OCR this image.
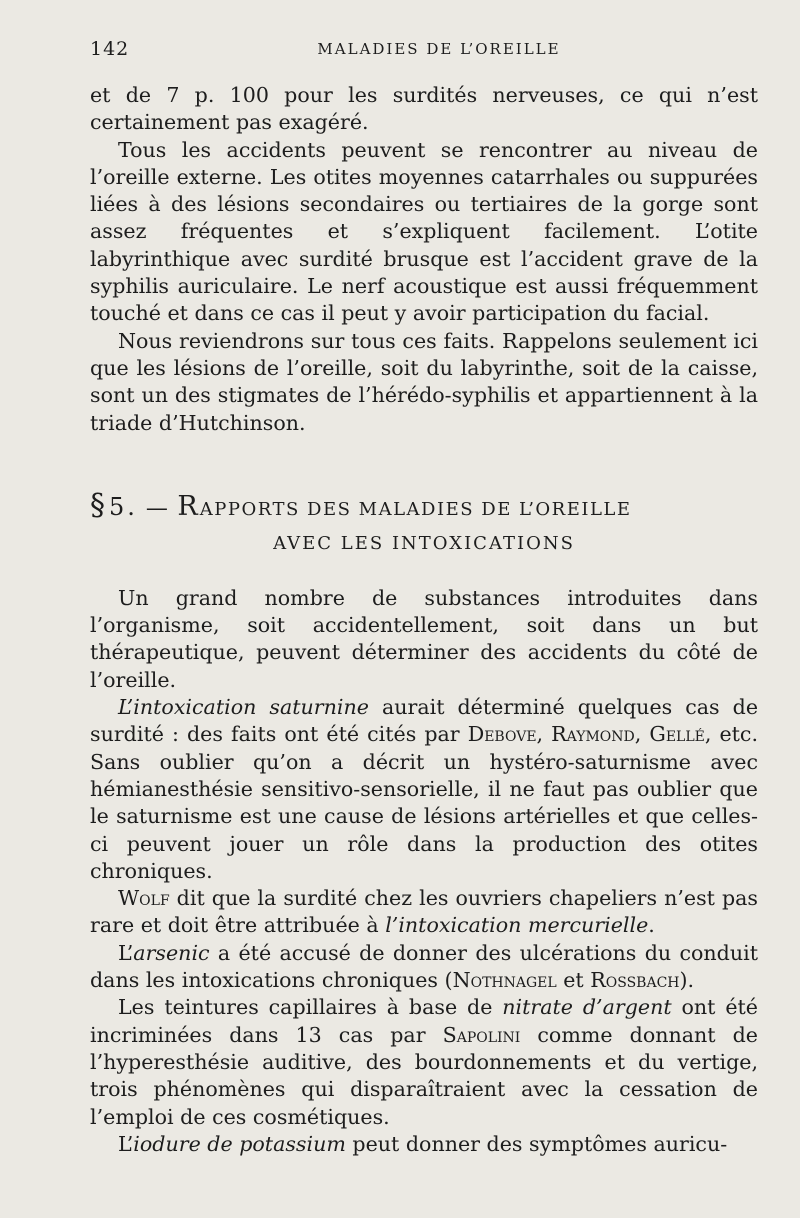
142	MALADIES DE L’OREILLE

et de 7 p. 100 pour les surdités nerveuses, ce qui n’est certainement pas exagéré.

Tous les accidents peuvent se rencontrer au niveau de l’oreille externe. Les otites moyennes catarrhales ou suppurées liées à des lésions secondaires ou tertiaires de la gorge sont assez fréquentes et s’expliquent facilement. L’otite labyrinthique avec surdité brusque est l’accident grave de la syphilis auriculaire. Le nerf acoustique est aussi fréquemment touché et dans ce cas il peut y avoir participation du facial.

Nous reviendrons sur tous ces faits. Rappelons seulement ici que les lésions de l’oreille, soit du labyrinthe, soit de la caisse, sont un des stigmates de l’hérédo-syphilis et appartiennent à la triade d’Hutchinson.

§5. — RAPPORTS DES MALADIES DE L’OREILLE
AVEC LES INTOXICATIONS

Un grand nombre de substances introduites dans l’organisme, soit accidentellement, soit dans un but thérapeutique, peuvent déterminer des accidents du côté de l’oreille.

L’intoxication saturnine aurait déterminé quelques cas de surdité : des faits ont été cités par Debove, Raymond, Gellé, etc. Sans oublier qu’on a décrit un hystéro-saturnisme avec hémianesthésie sensitivo-sensorielle, il ne faut pas oublier que le saturnisme est une cause de lésions artérielles et que celles-ci peuvent jouer un rôle dans la production des otites chroniques.

Wolf dit que la surdité chez les ouvriers chapeliers n’est pas rare et doit être attribuée à l’intoxication mercurielle.

L’arsenic a été accusé de donner des ulcérations du conduit dans les intoxications chroniques (Nothnagel et Rossbach).

Les teintures capillaires à base de nitrate d’argent ont été incriminées dans 13 cas par Sapolini comme donnant de l’hyperesthésie auditive, des bourdonnements et du vertige, trois phénomènes qui disparaîtraient avec la cessation de l’emploi de ces cosmétiques.

L’iodure de potassium peut donner des symptômes auricu-
